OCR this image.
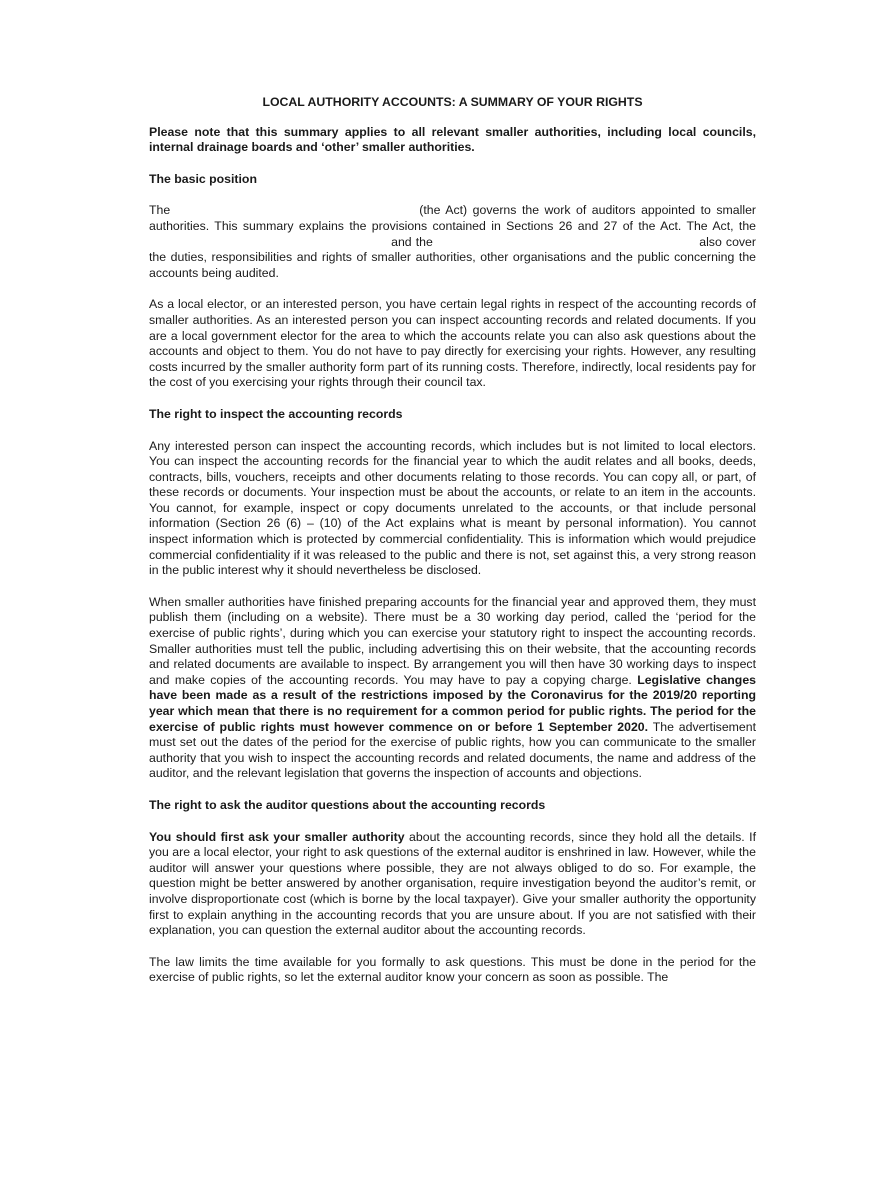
LOCAL AUTHORITY ACCOUNTS: A SUMMARY OF YOUR RIGHTS

Please note that this summary applies to all relevant smaller authorities, including local councils, internal drainage boards and ‘other’ smaller authorities.

The basic position

The	(the Act) governs the work of auditors appointed to smaller authorities. This summary explains the provisions contained in Sections 26 and 27 of the Act. The Act, the  and the	also cover the duties, responsibilities and rights of smaller authorities, other organisations and the public concerning the accounts being audited.

As a local elector, or an interested person, you have certain legal rights in respect of the accounting records of smaller authorities. As an interested person you can inspect accounting records and related documents. If you are a local government elector for the area to which the accounts relate you can also ask questions about the accounts and object to them. You do not have to pay directly for exercising your rights. However, any resulting costs incurred by the smaller authority form part of its running costs. Therefore, indirectly, local residents pay for the cost of you exercising your rights through their council tax.

The right to inspect the accounting records

Any interested person can inspect the accounting records, which includes but is not limited to local electors. You can inspect the accounting records for the financial year to which the audit relates and all books, deeds, contracts, bills, vouchers, receipts and other documents relating to those records. You can copy all, or part, of these records or documents. Your inspection must be about the accounts, or relate to an item in the accounts. You cannot, for example, inspect or copy documents unrelated to the accounts, or that include personal information (Section 26 (6) – (10) of the Act explains what is meant by personal information). You cannot inspect information which is protected by commercial confidentiality. This is information which would prejudice commercial confidentiality if it was released to the public and there is not, set against this, a very strong reason in the public interest why it should nevertheless be disclosed.

When smaller authorities have finished preparing accounts for the financial year and approved them, they must publish them (including on a website). There must be a 30 working day period, called the ‘period for the exercise of public rights’, during which you can exercise your statutory right to inspect the accounting records. Smaller authorities must tell the public, including advertising this on their website, that the accounting records and related documents are available to inspect. By arrangement you will then have 30 working days to inspect and make copies of the accounting records. You may have to pay a copying charge. Legislative changes have been made as a result of the restrictions imposed by the Coronavirus for the 2019/20 reporting year which mean that there is no requirement for a common period for public rights. The period for the exercise of public rights must however commence on or before 1 September 2020. The advertisement must set out the dates of the period for the exercise of public rights, how you can communicate to the smaller authority that you wish to inspect the accounting records and related documents, the name and address of the auditor, and the relevant legislation that governs the inspection of accounts and objections.

The right to ask the auditor questions about the accounting records

You should first ask your smaller authority about the accounting records, since they hold all the details. If you are a local elector, your right to ask questions of the external auditor is enshrined in law. However, while the auditor will answer your questions where possible, they are not always obliged to do so. For example, the question might be better answered by another organisation, require investigation beyond the auditor’s remit, or involve disproportionate cost (which is borne by the local taxpayer). Give your smaller authority the opportunity first to explain anything in the accounting records that you are unsure about. If you are not satisfied with their explanation, you can question the external auditor about the accounting records.

The law limits the time available for you formally to ask questions. This must be done in the period for the exercise of public rights, so let the external auditor know your concern as soon as possible. The
